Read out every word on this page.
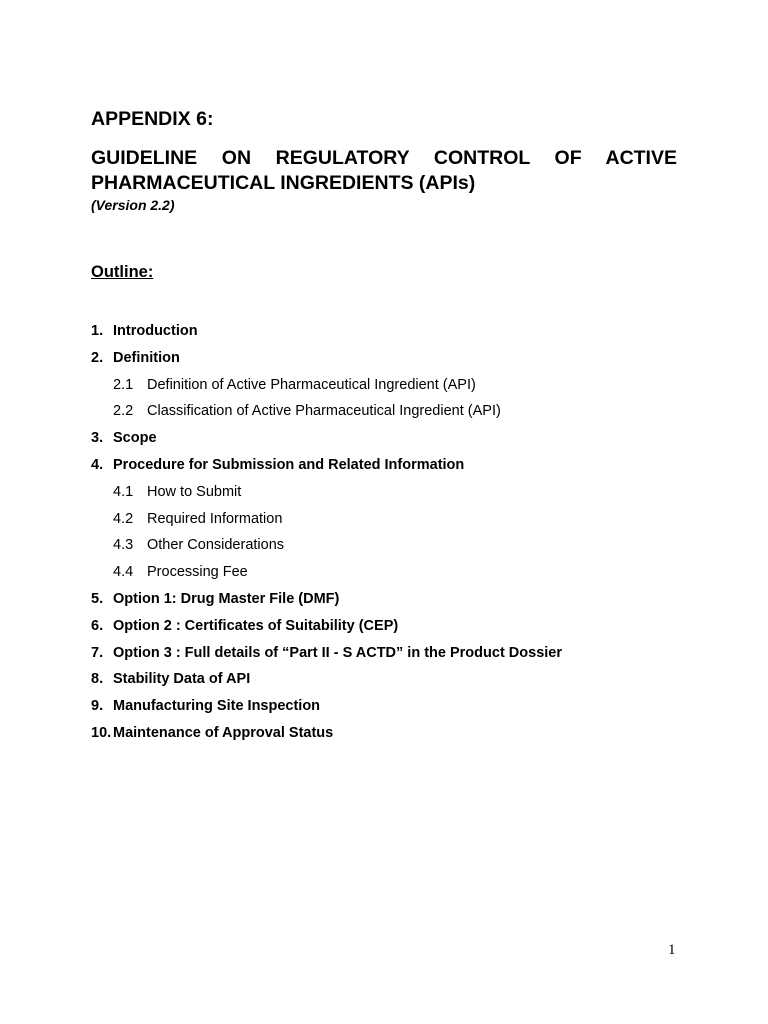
APPENDIX 6:
GUIDELINE ON REGULATORY CONTROL OF ACTIVE
PHARMACEUTICAL INGREDIENTS (APIs)
(Version 2.2)
Outline:
1. Introduction
2. Definition
2.1 Definition of Active Pharmaceutical Ingredient (API)
2.2 Classification of Active Pharmaceutical Ingredient (API)
3. Scope
4. Procedure for Submission and Related Information
4.1 How to Submit
4.2 Required Information
4.3 Other Considerations
4.4 Processing Fee
5. Option 1: Drug Master File (DMF)
6. Option 2 : Certificates of Suitability (CEP)
7. Option 3 : Full details of “Part II - S ACTD” in the Product Dossier
8. Stability Data of API
9. Manufacturing Site Inspection
10. Maintenance of Approval Status
1
